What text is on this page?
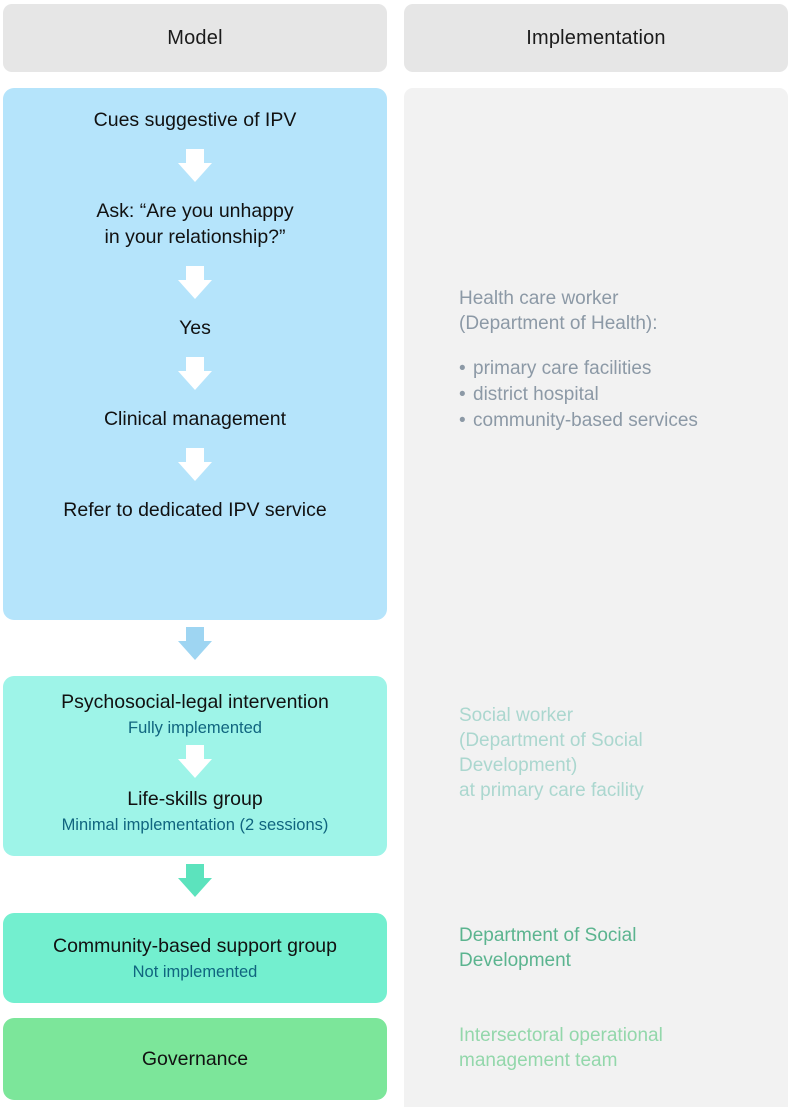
Model	Implementation
Health care worker
(Department of Health):
• primary care facilities
• district hospital
• community-based services
Social worker
(Department of Social
Development)
at primary care facility
Department of Social
Development
Intersectoral operational
management team
Cues suggestive of IPV
Ask: “Are you unhappy
in your relationship?”
Yes
Clinical management
Refer to dedicated IPV service
Psychosocial-legal intervention
Fully implemented
Life-skills group
Minimal implementation (2 sessions)
Community-based support group
Not implemented
Governance
